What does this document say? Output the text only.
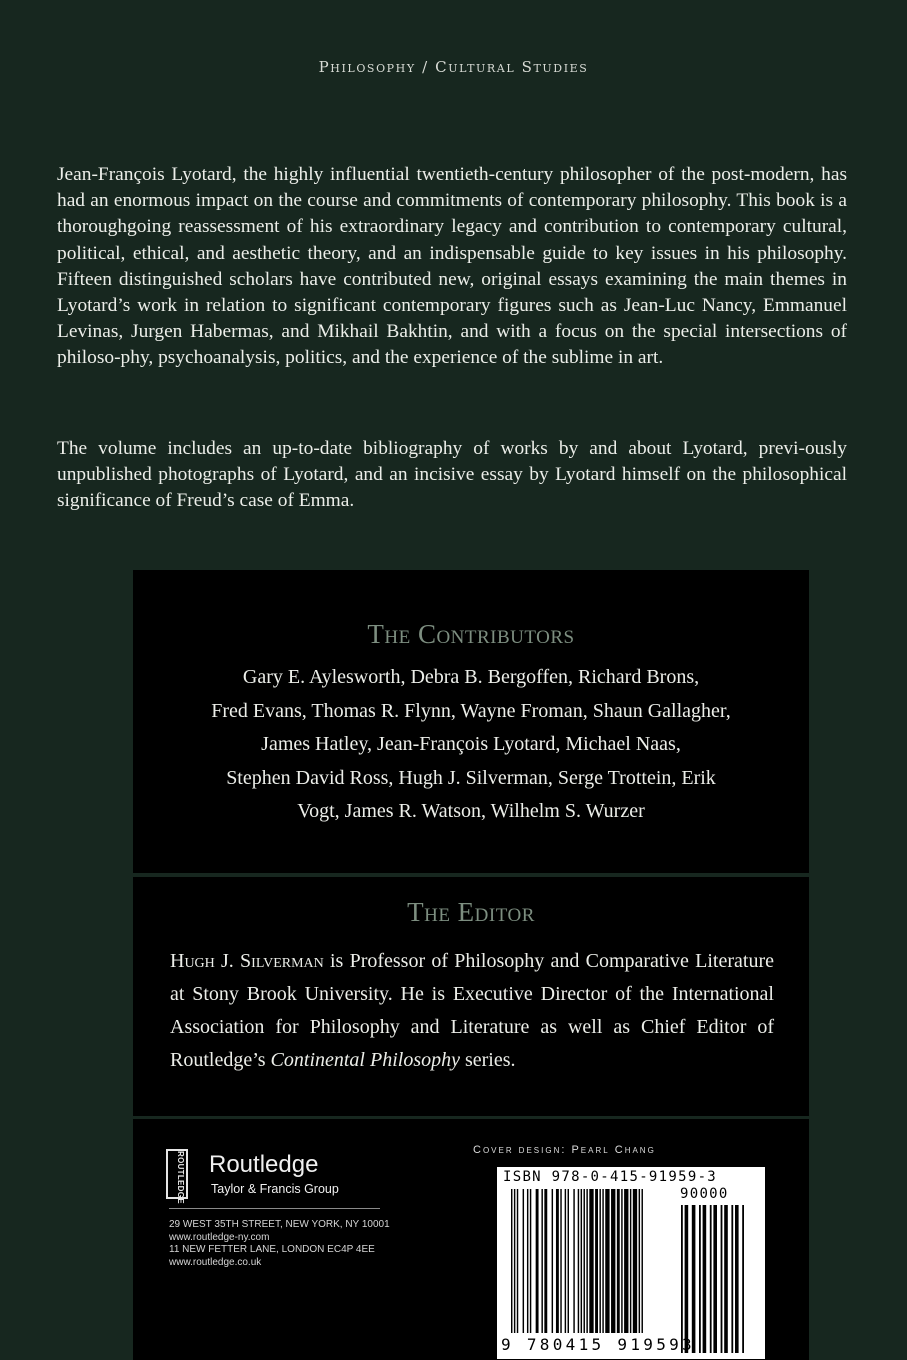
Philosophy / Cultural Studies

Jean-François Lyotard, the highly influential twentieth-century philosopher of the post-modern, has had an enormous impact on the course and commitments of contemporary philosophy. This book is a thoroughgoing reassessment of his extraordinary legacy and contribution to contemporary cultural, political, ethical, and aesthetic theory, and an indispensable guide to key issues in his philosophy. Fifteen distinguished scholars have contributed new, original essays examining the main themes in Lyotard’s work in relation to significant contemporary figures such as Jean-Luc Nancy, Emmanuel Levinas, Jurgen Habermas, and Mikhail Bakhtin, and with a focus on the special intersections of philoso-phy, psychoanalysis, politics, and the experience of the sublime in art.

The volume includes an up-to-date bibliography of works by and about Lyotard, previ-ously unpublished photographs of Lyotard, and an incisive essay by Lyotard himself on the philosophical significance of Freud’s case of Emma.

The Contributors
Gary E. Aylesworth, Debra B. Bergoffen, Richard Brons,
Fred Evans, Thomas R. Flynn, Wayne Froman, Shaun Gallagher,
James Hatley, Jean-François Lyotard, Michael Naas,
Stephen David Ross, Hugh J. Silverman, Serge Trottein, Erik
Vogt, James R. Watson, Wilhelm S. Wurzer
The Editor
Hugh J. Silverman is Professor of Philosophy and Comparative Literature at Stony Brook University. He is Executive Director of the International Association for Philosophy and Literature as well as Chief Editor of Routledge’s Continental Philosophy series.
ROUTLEDGE Routledge
Taylor & Francis Group
29 WEST 35TH STREET, NEW YORK, NY 10001
www.routledge-ny.com
11 NEW FETTER LANE, LONDON EC4P 4EE
www.routledge.co.uk
Cover design: Pearl Chang
ISBN 978-0-415-91959-3
90000
9 780415 919593
